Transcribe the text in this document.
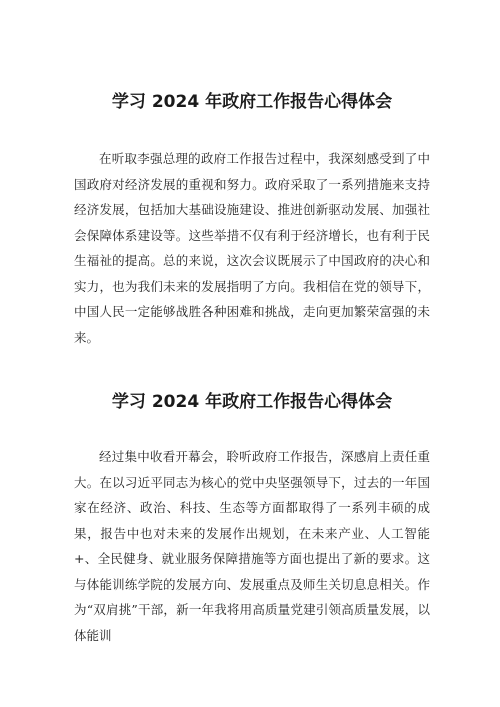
学习 2024 年政府工作报告心得体会

在听取李强总理的政府工作报告过程中，我深刻感受到了中国政府对经济发展的重视和努力。政府采取了一系列措施来支持经济发展，包括加大基础设施建设、推进创新驱动发展、加强社会保障体系建设等。这些举措不仅有利于经济增长，也有利于民生福祉的提高。总的来说，这次会议既展示了中国政府的决心和实力，也为我们未来的发展指明了方向。我相信在党的领导下，中国人民一定能够战胜各种困难和挑战，走向更加繁荣富强的未来。

学习 2024 年政府工作报告心得体会

经过集中收看开幕会，聆听政府工作报告，深感肩上责任重大。在以习近平同志为核心的党中央坚强领导下，过去的一年国家在经济、政治、科技、生态等方面都取得了一系列丰硕的成果，报告中也对未来的发展作出规划，在未来产业、人工智能+、全民健身、就业服务保障措施等方面也提出了新的要求。这与体能训练学院的发展方向、发展重点及师生关切息息相关。作为“双肩挑”干部，新一年我将用高质量党建引领高质量发展，以体能训
